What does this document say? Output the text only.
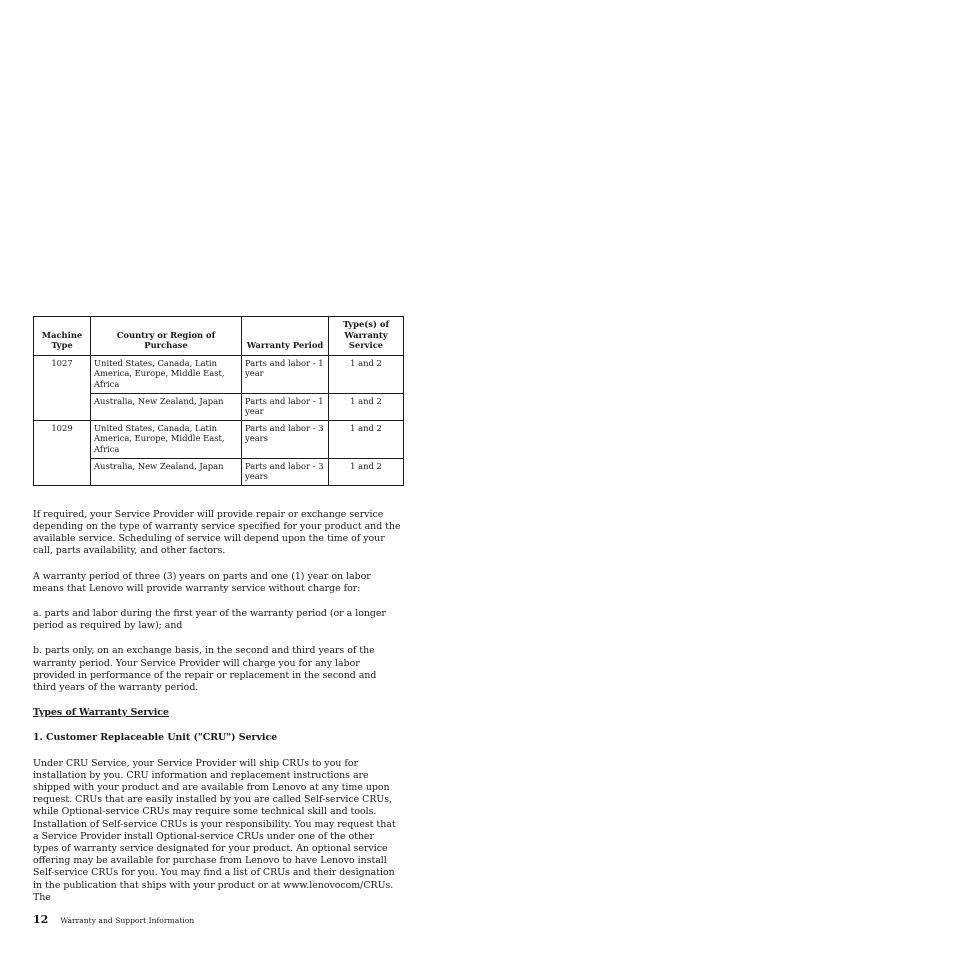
Machine Type	Country or Region of Purchase	Warranty Period	Type(s) of Warranty Service
1027	United States, Canada, Latin America, Europe, Middle East, Africa	Parts and labor - 1 year	1 and 2
	Australia, New Zealand, Japan	Parts and labor - 1 year	1 and 2
1029	United States, Canada, Latin America, Europe, Middle East, Africa	Parts and labor - 3 years	1 and 2
	Australia, New Zealand, Japan	Parts and labor - 3 years	1 and 2

If required, your Service Provider will provide repair or exchange service depending on the type of warranty service specified for your product and the available service. Scheduling of service will depend upon the time of your call, parts availability, and other factors.

A warranty period of three (3) years on parts and one (1) year on labor means that Lenovo will provide warranty service without charge for:

a. parts and labor during the first year of the warranty period (or a longer period as required by law); and

b. parts only, on an exchange basis, in the second and third years of the warranty period. Your Service Provider will charge you for any labor provided in performance of the repair or replacement in the second and third years of the warranty period.

Types of Warranty Service

1. Customer Replaceable Unit ("CRU") Service

Under CRU Service, your Service Provider will ship CRUs to you for installation by you. CRU information and replacement instructions are shipped with your product and are available from Lenovo at any time upon request. CRUs that are easily installed by you are called Self-service CRUs, while Optional-service CRUs may require some technical skill and tools. Installation of Self-service CRUs is your responsibility. You may request that a Service Provider install Optional-service CRUs under one of the other types of warranty service designated for your product. An optional service offering may be available for purchase from Lenovo to have Lenovo install Self-service CRUs for you. You may find a list of CRUs and their designation in the publication that ships with your product or at www.lenovocom/CRUs. The

12 Warranty and Support Information
